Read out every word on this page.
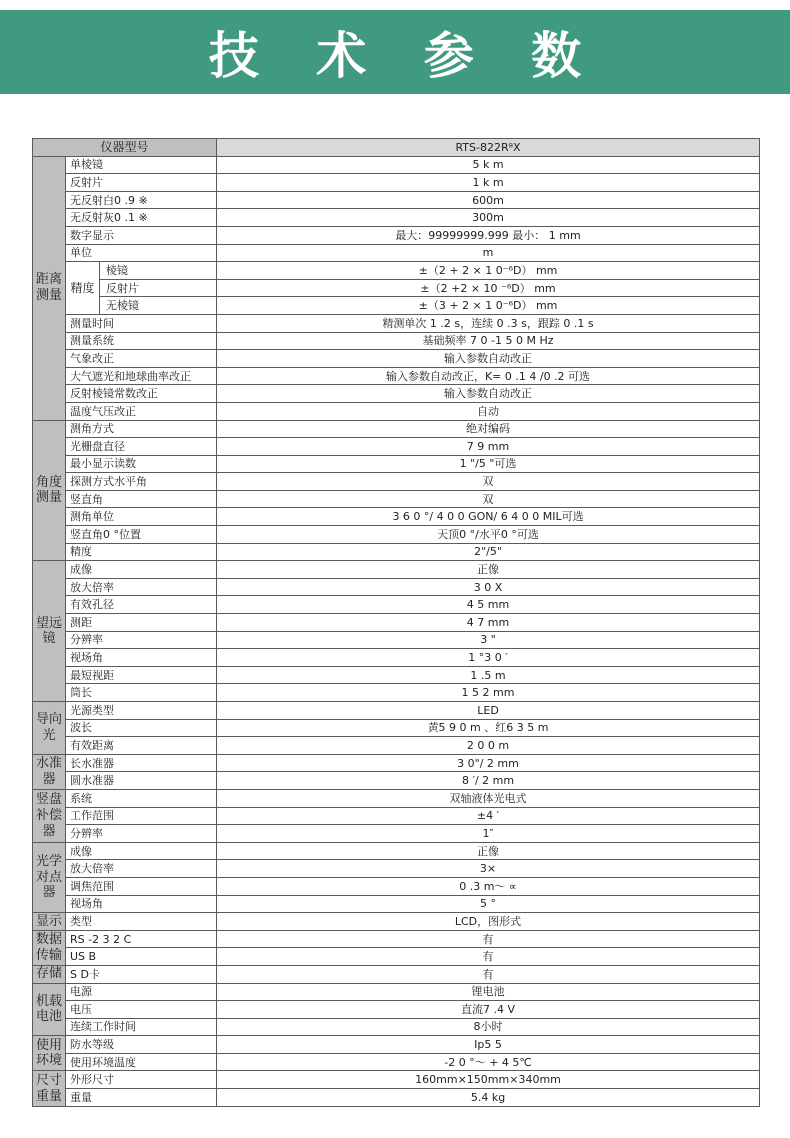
技 术 参 数
仪器型号			RTS-822R⁸X
距离测量	单棱镜		5 k m
	反射片		1 k m
	无反射白0 .9 ※		600m
	无反射灰0 .1 ※		300m
	数字显示		最大：99999999.999 最小： 1 mm
	单位		m
	精度	棱镜	±（2 + 2 × 1 0⁻⁶D） mm
		反射片	±（2 +2 × 10 ⁻⁶D） mm
		无棱镜	±（3 + 2 × 1 0⁻⁶D） mm
	测量时间		精测单次 1 .2 s，连续 0 .3 s，跟踪 0 .1 s
	测量系统		基础频率 7 0 -1 5 0 M Hz
	气象改正		输入参数自动改正
	大气遮光和地球曲率改正		输入参数自动改正，K= 0 .1 4 /0 .2 可选
	反射棱镜常数改正		输入参数自动改正
	温度气压改正		自动
角度测量	测角方式		绝对编码
	光栅盘直径		7 9 mm
	最小显示读数		1 "/5 "可选
	探测方式水平角		双
	竖直角		双
	测角单位		3 6 0 °/ 4 0 0 GON/ 6 4 0 0 MIL可选
	竖直角0 °位置		天顶0 °/水平0 °可选
	精度		2"/5"
望远镜	成像		正像
	放大倍率		3 0 X
	有效孔径		4 5 mm
	测距		4 7 mm
	分辨率		3 "
	视场角		1 °3 0 ′
	最短视距		1 .5 m
	筒长		1 5 2 mm
导向光	光源类型		LED
	波长		黄5 9 0 m 、红6 3 5 m
	有效距离		2 0 0 m
水准器	长水准器		3 0"/ 2 mm
	圆水准器		8 ′/ 2 mm
竖盘补偿器	系统		双轴液体光电式
	工作范围		±4 ′
	分辨率		1″
光学对点器	成像		正像
	放大倍率		3×
	调焦范围		0 .3 m～ ∝
	视场角		5 °
显示	类型		LCD，图形式
数据传输	RS -2 3 2 C		有
	US B		有
存储	S D卡		有
机载电池	电源		锂电池
	电压		直流7 .4 V
	连续工作时间		8小时
使用环境	防水等级		Ip5 5
	使用环境温度		-2 0 °～ + 4 5℃
尺寸重量	外形尺寸		160mm×150mm×340mm
	重量		5.4 kg
